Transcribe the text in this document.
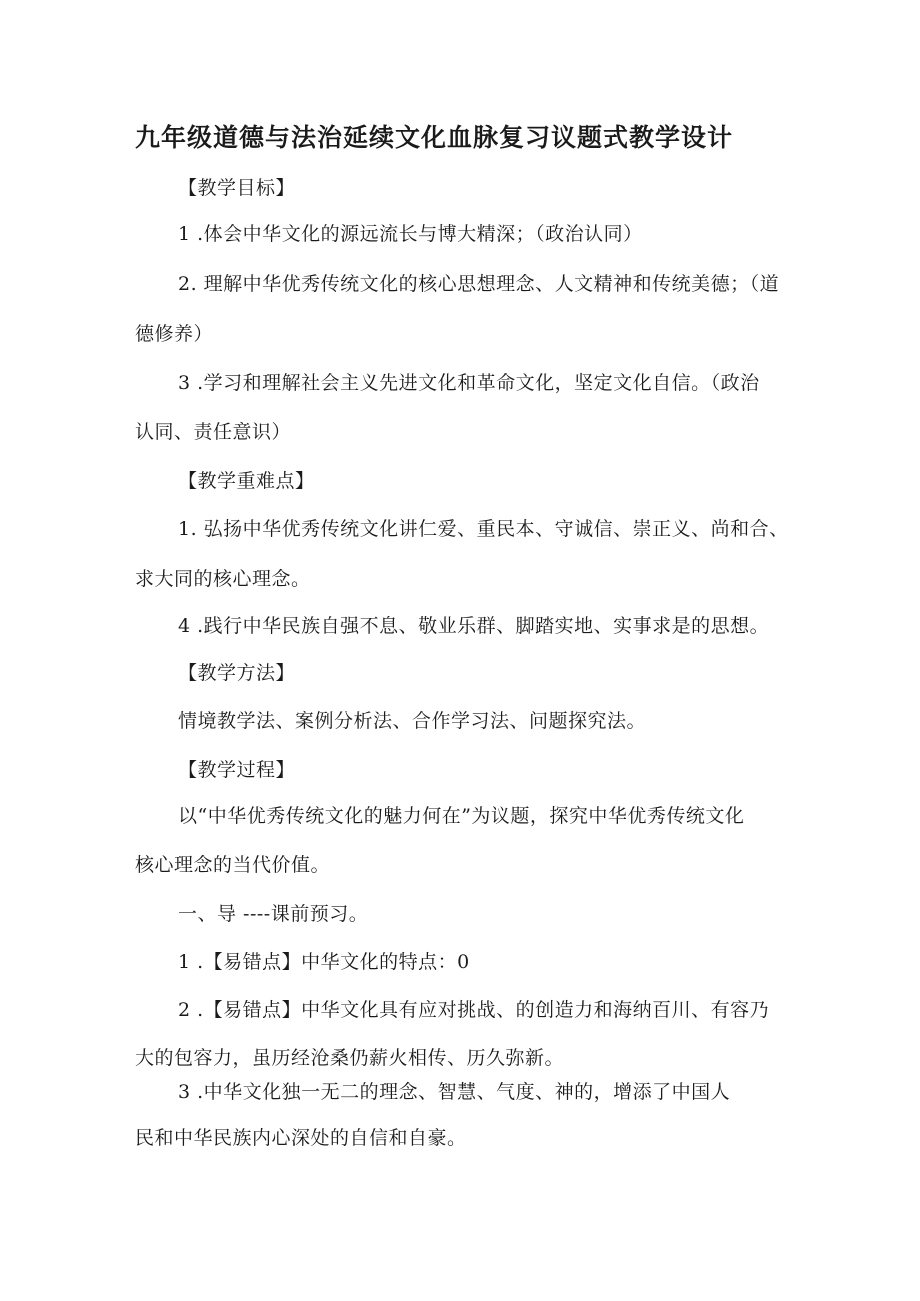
九年级道德与法治延续文化血脉复习议题式教学设计

【教学目标】

1 .体会中华文化的源远流长与博大精深；（政治认同）

2. 理解中华优秀传统文化的核心思想理念、人文精神和传统美德；（道

德修养）

3 .学习和理解社会主义先进文化和革命文化，坚定文化自信。（政治

认同、责任意识）

【教学重难点】

1. 弘扬中华优秀传统文化讲仁爱、重民本、守诚信、崇正义、尚和合、

求大同的核心理念。

4 .践行中华民族自强不息、敬业乐群、脚踏实地、实事求是的思想。

【教学方法】

情境教学法、案例分析法、合作学习法、问题探究法。

【教学过程】

以“中华优秀传统文化的魅力何在”为议题，探究中华优秀传统文化

核心理念的当代价值。

一、导 ----课前预习。

1 .【易错点】中华文化的特点：0

2 .【易错点】中华文化具有应对挑战、的创造力和海纳百川、有容乃

大的包容力，虽历经沧桑仍薪火相传、历久弥新。

3 .中华文化独一无二的理念、智慧、气度、神的，增添了中国人

民和中华民族内心深处的自信和自豪。
